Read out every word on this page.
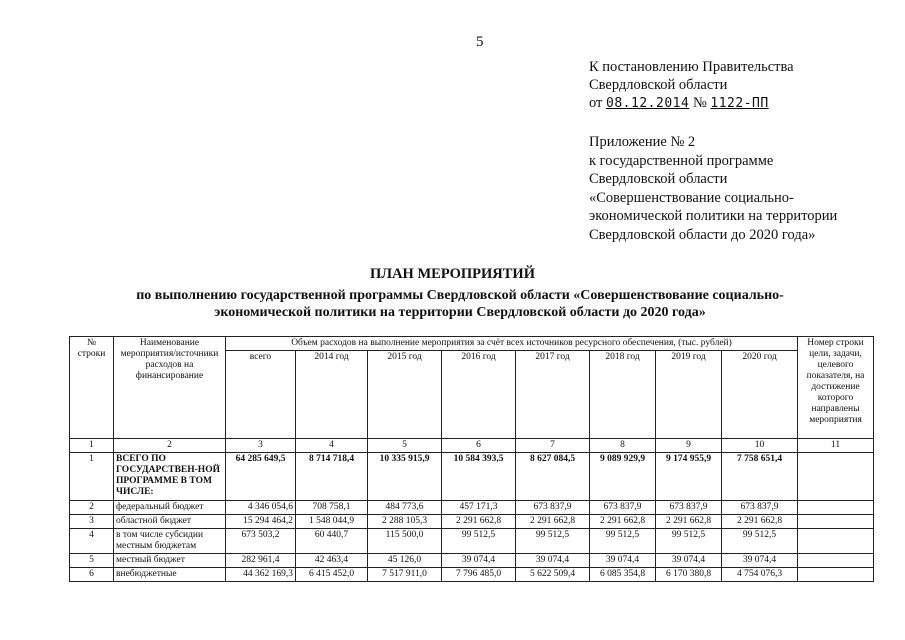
5
К постановлению Правительства
Свердловской области
от 08.12.2014 № 1122-ПП
Приложение № 2
к государственной программе
Свердловской области
«Совершенствование социально-
экономической политики на территории
Свердловской области до 2020 года»
ПЛАН МЕРОПРИЯТИЙ
по выполнению государственной программы Свердловской области «Совершенствование социально-экономической политики на территории Свердловской области до 2020 года»
№ строки	Наименование мероприятия/источники расходов на финансирование	Объем расходов на выполнение мероприятия за счёт всех источников ресурсного обеспечения, (тыс. рублей)								Номер строки цели, задачи, целевого показателя, на достижение которого направлены мероприятия
		всего	2014 год	2015 год	2016 год	2017 год	2018 год	2019 год	2020 год	
1	2	3	4	5	6	7	8	9	10	11
1	ВСЕГО ПО ГОСУДАРСТВЕН-НОЙ ПРОГРАММЕ В ТОМ ЧИСЛЕ:	64 285 649,5	8 714 718,4	10 335 915,9	10 584 393,5	8 627 084,5	9 089 929,9	9 174 955,9	7 758 651,4	
2	федеральный бюджет	4 346 054,6	708 758,1	484 773,6	457 171,3	673 837,9	673 837,9	673 837,9	673 837,9	
3	областной бюджет	15 294 464,2	1 548 044,9	2 288 105,3	2 291 662,8	2 291 662,8	2 291 662,8	2 291 662,8	2 291 662,8	
4	в том числе субсидии местным бюджетам	673 503,2	60 440,7	115 500,0	99 512,5	99 512,5	99 512,5	99 512,5	99 512,5	
5	местный бюджет	282 961,4	42 463,4	45 126,0	39 074,4	39 074,4	39 074,4	39 074,4	39 074,4	
6	внебюджетные	44 362 169,3	6 415 452,0	7 517 911,0	7 796 485,0	5 622 509,4	6 085 354,8	6 170 380,8	4 754 076,3	
